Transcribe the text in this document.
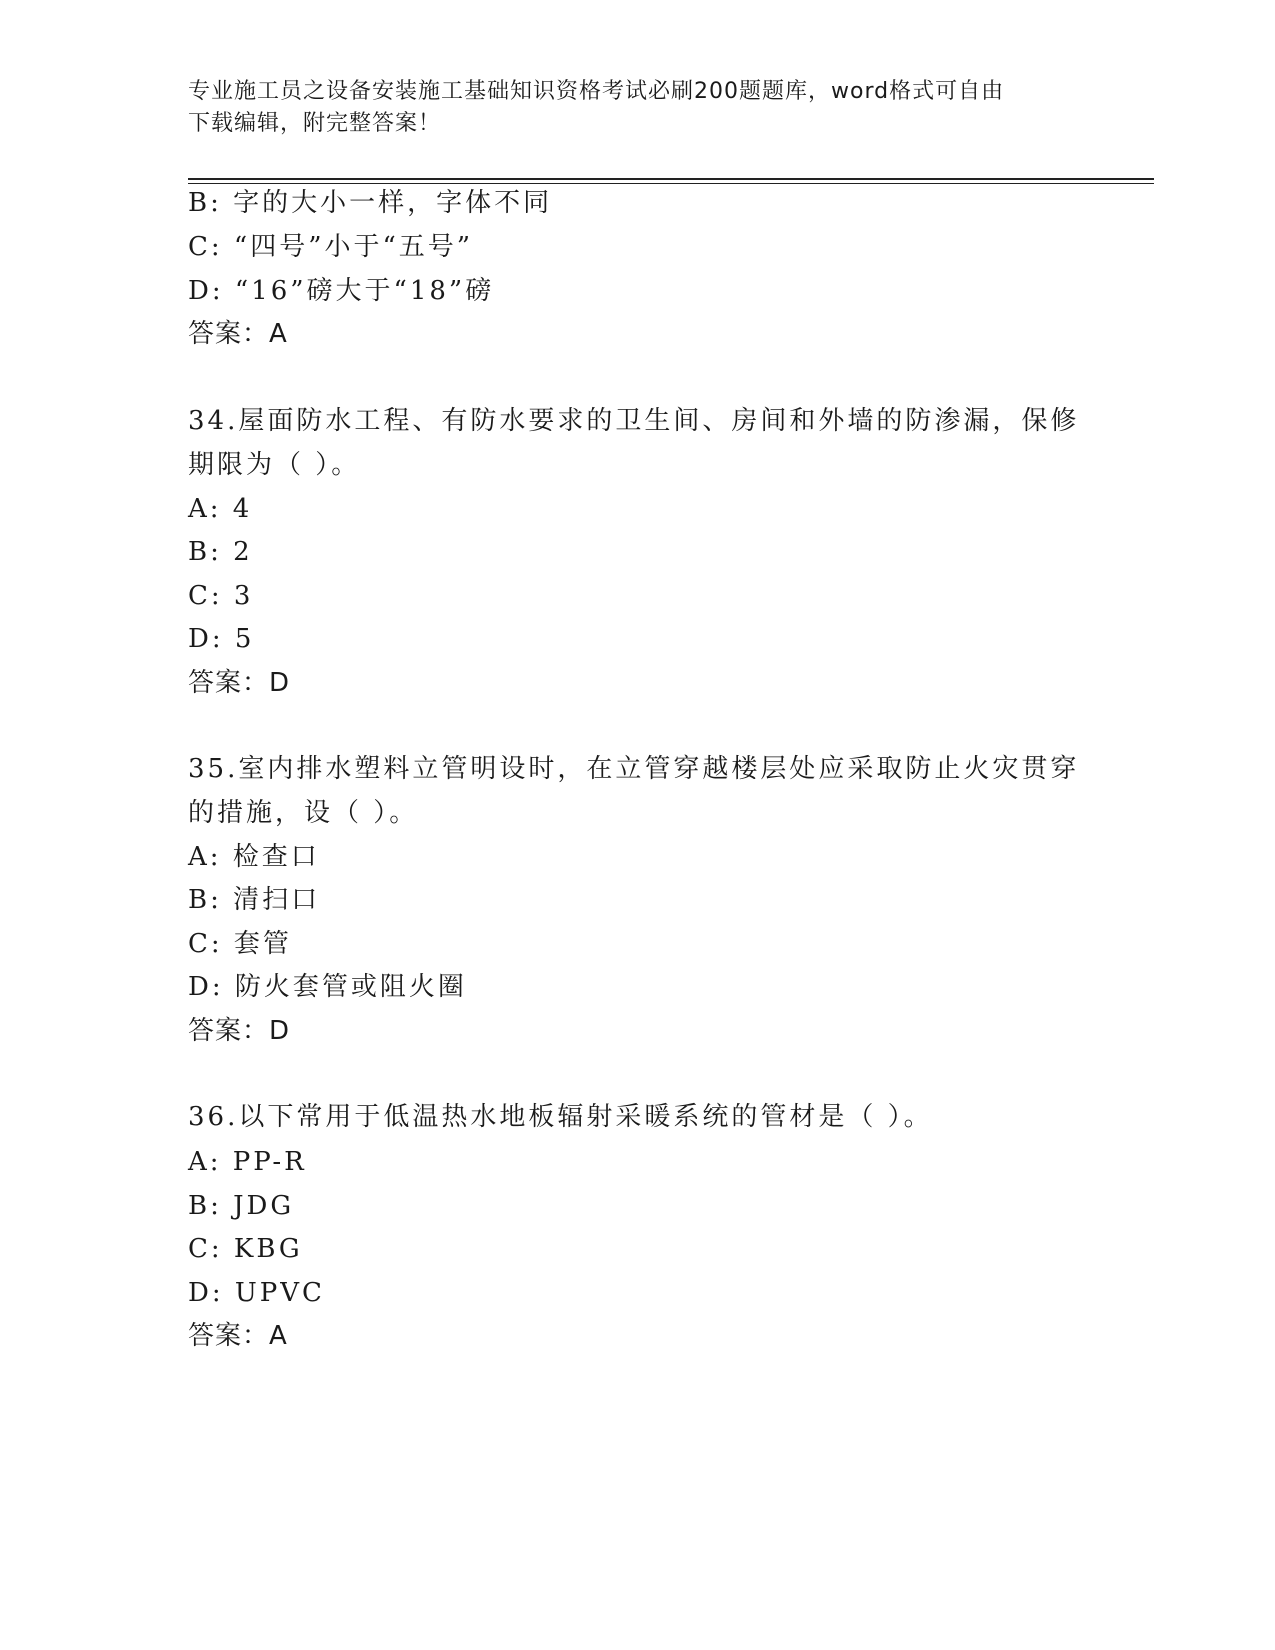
专业施工员之设备安装施工基础知识资格考试必刷200题题库，word格式可自由
下载编辑，附完整答案！
B: 字的大小一样，字体不同
C: “四号”小于“五号”
D: “16”磅大于“18”磅
答案：A
34.屋面防水工程、有防水要求的卫生间、房间和外墙的防渗漏，保修
期限为（ ）。
A: 4
B: 2
C: 3
D: 5
答案：D
35.室内排水塑料立管明设时，在立管穿越楼层处应采取防止火灾贯穿
的措施，设（ ）。
A: 检查口
B: 清扫口
C: 套管
D: 防火套管或阻火圈
答案：D
36.以下常用于低温热水地板辐射采暖系统的管材是（ ）。
A: PP-R
B: JDG
C: KBG
D: UPVC
答案：A
